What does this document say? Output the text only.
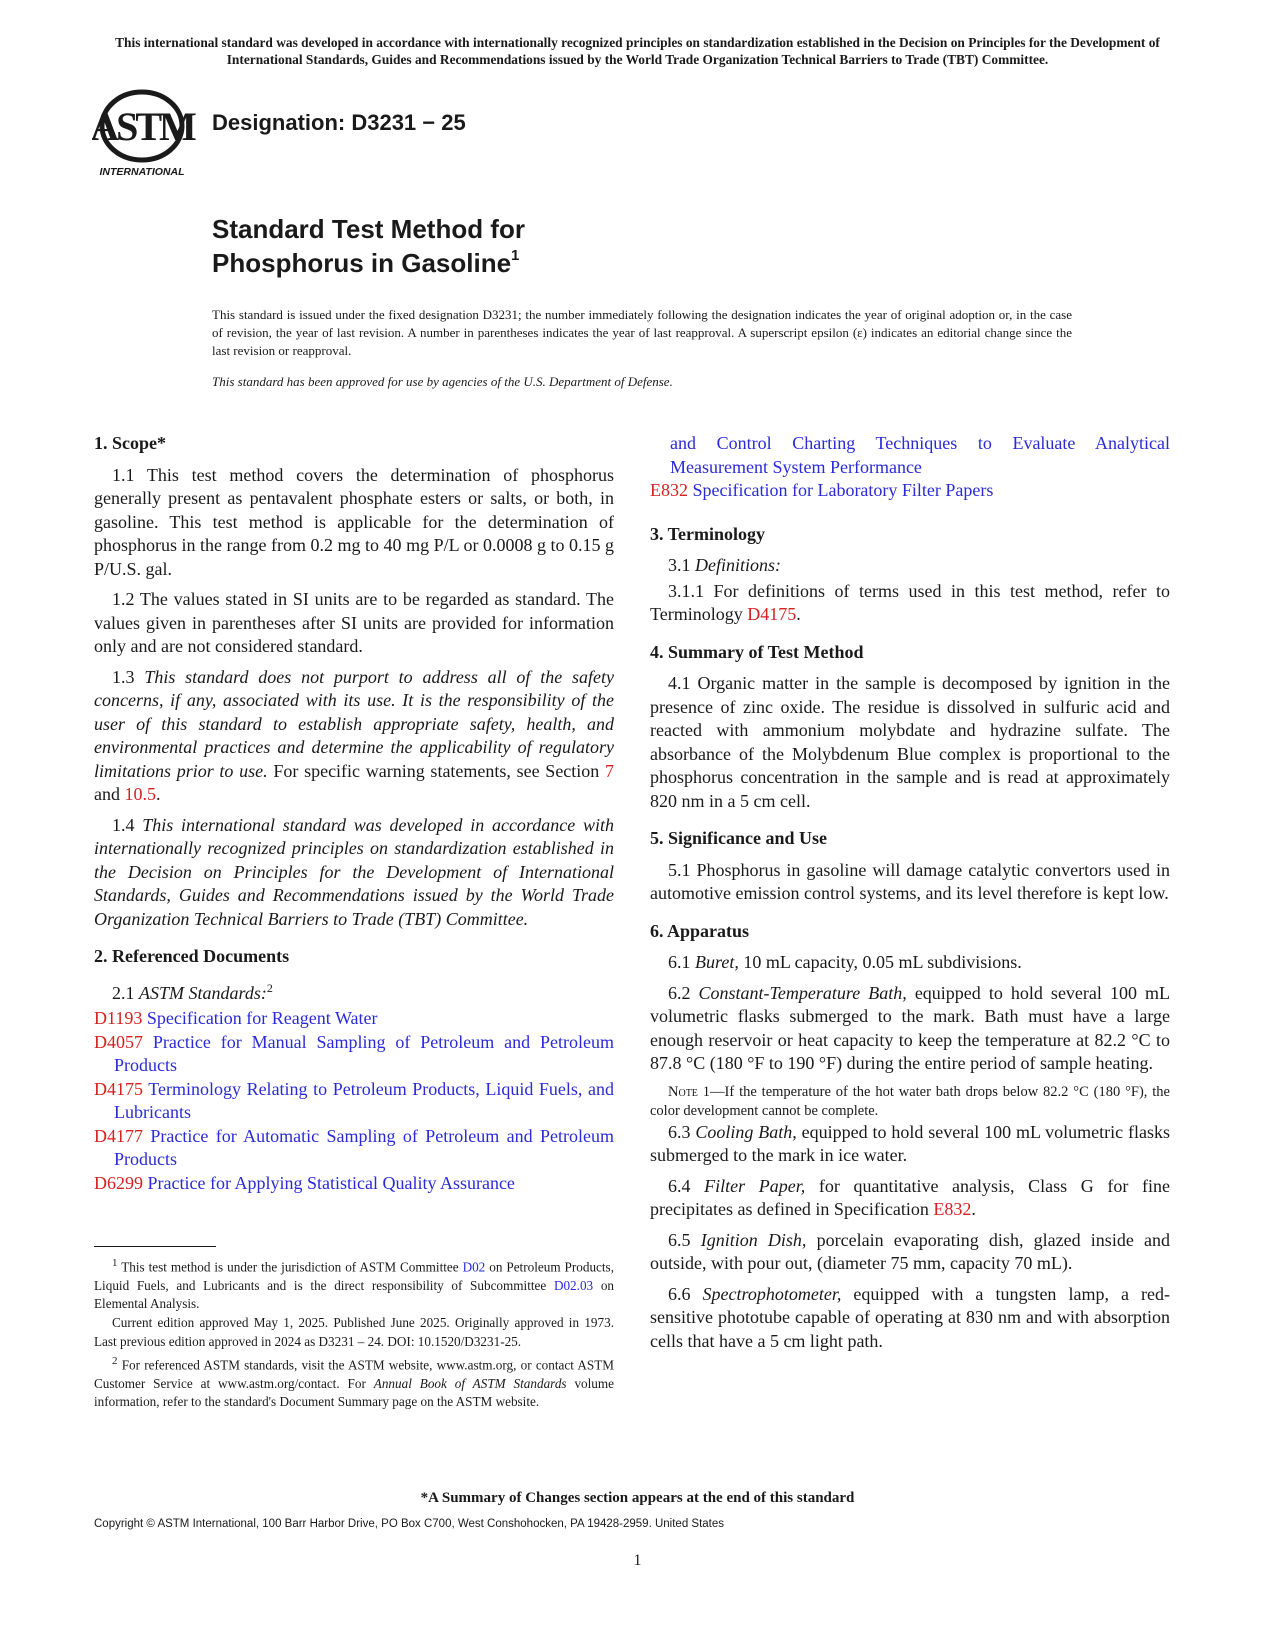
This international standard was developed in accordance with internationally recognized principles on standardization established in the Decision on Principles for the Development of International Standards, Guides and Recommendations issued by the World Trade Organization Technical Barriers to Trade (TBT) Committee.
ASTM
INTERNATIONAL
Designation: D3231 − 25
Standard Test Method for
Phosphorus in Gasoline$^1$
This standard is issued under the fixed designation D3231; the number immediately following the designation indicates the year of original adoption or, in the case of revision, the year of last revision. A number in parentheses indicates the year of last reapproval. A superscript epsilon (ε) indicates an editorial change since the last revision or reapproval.
This standard has been approved for use by agencies of the U.S. Department of Defense.

1. Scope*

1.1 This test method covers the determination of phosphorus generally present as pentavalent phosphate esters or salts, or both, in gasoline. This test method is applicable for the determination of phosphorus in the range from 0.2 mg to 40 mg P/L or 0.0008 g to 0.15 g P/U.S. gal.

1.2 The values stated in SI units are to be regarded as standard. The values given in parentheses after SI units are provided for information only and are not considered standard.

1.3 This standard does not purport to address all of the safety concerns, if any, associated with its use. It is the responsibility of the user of this standard to establish appropriate safety, health, and environmental practices and determine the applicability of regulatory limitations prior to use. For specific warning statements, see Section 7 and 10.5.

1.4 This international standard was developed in accordance with internationally recognized principles on standardization established in the Decision on Principles for the Development of International Standards, Guides and Recommendations issued by the World Trade Organization Technical Barriers to Trade (TBT) Committee.

2. Referenced Documents

2.1 ASTM Standards:$^2$

D1193 Specification for Reagent Water

D4057 Practice for Manual Sampling of Petroleum and Petroleum Products

D4175 Terminology Relating to Petroleum Products, Liquid Fuels, and Lubricants

D4177 Practice for Automatic Sampling of Petroleum and Petroleum Products

D6299 Practice for Applying Statistical Quality Assurance

$^1$ This test method is under the jurisdiction of ASTM Committee D02 on Petroleum Products, Liquid Fuels, and Lubricants and is the direct responsibility of Subcommittee D02.03 on Elemental Analysis.

Current edition approved May 1, 2025. Published June 2025. Originally approved in 1973. Last previous edition approved in 2024 as D3231 – 24. DOI: 10.1520/D3231-25.

$^2$ For referenced ASTM standards, visit the ASTM website, www.astm.org, or contact ASTM Customer Service at www.astm.org/contact. For Annual Book of ASTM Standards volume information, refer to the standard's Document Summary page on the ASTM website.

and Control Charting Techniques to Evaluate Analytical Measurement System Performance

E832 Specification for Laboratory Filter Papers

3. Terminology

3.1 Definitions:

3.1.1 For definitions of terms used in this test method, refer to Terminology D4175.

4. Summary of Test Method

4.1 Organic matter in the sample is decomposed by ignition in the presence of zinc oxide. The residue is dissolved in sulfuric acid and reacted with ammonium molybdate and hydrazine sulfate. The absorbance of the Molybdenum Blue complex is proportional to the phosphorus concentration in the sample and is read at approximately 820 nm in a 5 cm cell.

5. Significance and Use

5.1 Phosphorus in gasoline will damage catalytic convertors used in automotive emission control systems, and its level therefore is kept low.

6. Apparatus

6.1 Buret, 10 mL capacity, 0.05 mL subdivisions.

6.2 Constant-Temperature Bath, equipped to hold several 100 mL volumetric flasks submerged to the mark. Bath must have a large enough reservoir or heat capacity to keep the temperature at 82.2 °C to 87.8 °C (180 °F to 190 °F) during the entire period of sample heating.

Note 1—If the temperature of the hot water bath drops below 82.2 °C (180 °F), the color development cannot be complete.

6.3 Cooling Bath, equipped to hold several 100 mL volumetric flasks submerged to the mark in ice water.

6.4 Filter Paper, for quantitative analysis, Class G for fine precipitates as defined in Specification E832.

6.5 Ignition Dish, porcelain evaporating dish, glazed inside and outside, with pour out, (diameter 75 mm, capacity 70 mL).

6.6 Spectrophotometer, equipped with a tungsten lamp, a red-sensitive phototube capable of operating at 830 nm and with absorption cells that have a 5 cm light path.

*A Summary of Changes section appears at the end of this standard
Copyright © ASTM International, 100 Barr Harbor Drive, PO Box C700, West Conshohocken, PA 19428-2959. United States
1
